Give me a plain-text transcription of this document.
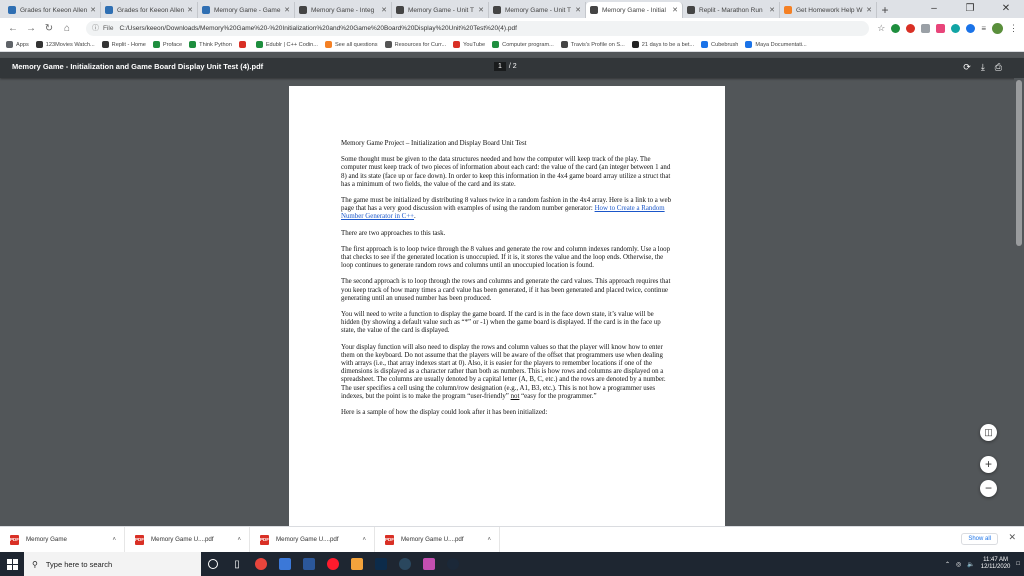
Grades for Keeon Allen ✕	Grades for Keeon Allen ✕	Memory Game - Game ✕	Memory Game - Integ ✕	Memory Game - Unit T ✕	Memory Game - Unit T ✕	Memory Game - Initial ✕	Replit - Marathon Run ✕	Get Homework Help W ✕ +	–	❐	✕
← → ↻	⌂	ⓘ File C:/Users/keeon/Downloads/Memory%20Game%20-%20Initialization%20and%20Game%20Board%20Display%20Unit%20Test%20(4).pdf	☆	≡	⋮
Apps	123Movies Watch...	Replit - Home	Proface	Think Python	Edublr | C++ Codin...	See all questions	Resources for Curr...	YouTube	Computer program...	Travis's Profile on S...	21 days to be a bet...	Cubebrush	Maya Documentati...
Memory Game - Initialization and Game Board Display Unit Test (4).pdf	1	/ 2	⟳ ⤓ ⎙

Memory Game Project – Initialization and Display Board Unit Test

Some thought must be given to the data structures needed and how the computer will keep track of the play. The computer must keep track of two pieces of information about each card: the value of the card (an integer between 1 and 8) and its state (face up or face down). In order to keep this information in the 4x4 game board array utilize a struct that has a minimum of two fields, the value of the card and its state.

The game must be initialized by distributing 8 values twice in a random fashion in the 4x4 array. Here is a link to a web page that has a very good discussion with examples of using the random number generator: How to Create a Random Number Generator in C++.

There are two approaches to this task.

The first approach is to loop twice through the 8 values and generate the row and column indexes randomly. Use a loop that checks to see if the generated location is unoccupied. If it is, it stores the value and the loop ends. Otherwise, the loop continues to generate random rows and columns until an unoccupied location is found.

The second approach is to loop through the rows and columns and generate the card values. This approach requires that you keep track of how many times a card value has been generated, if it has been generated and placed twice, continue generating until an unused number has been produced.

You will need to write a function to display the game board. If the card is in the face down state, it’s value will be hidden (by showing a default value such as “*” or -1) when the game board is displayed. If the card is in the face up state, the value of the card is displayed.

Your display function will also need to display the rows and column values so that the player will know how to enter them on the keyboard. Do not assume that the players will be aware of the offset that programmers use when dealing with arrays (i.e., that array indexes start at 0). Also, it is easier for the players to remember locations if one of the dimensions is displayed as a character rather than both as numbers. This is how rows and columns are displayed on a spreadsheet. The columns are usually denoted by a capital letter (A, B, C, etc.) and the rows are denoted by a number. The user specifies a cell using the column/row designation (e.g., A1, B3, etc.). This is not how a programmer uses indexes, but the point is to make the program “user-friendly” not “easy for the programmer.”

Here is a sample of how the display could look after it has been initialized:

◫
+
−
PDF Memory Game	˄	PDF Memory Game U....pdf	˄	PDF Memory Game U....pdf	˄	PDF Memory Game U....pdf	˄	Show all	✕
⚲ Type here to search	▯	⌃ ◎ 🔈
11:47 AM
12/11/2020 □
